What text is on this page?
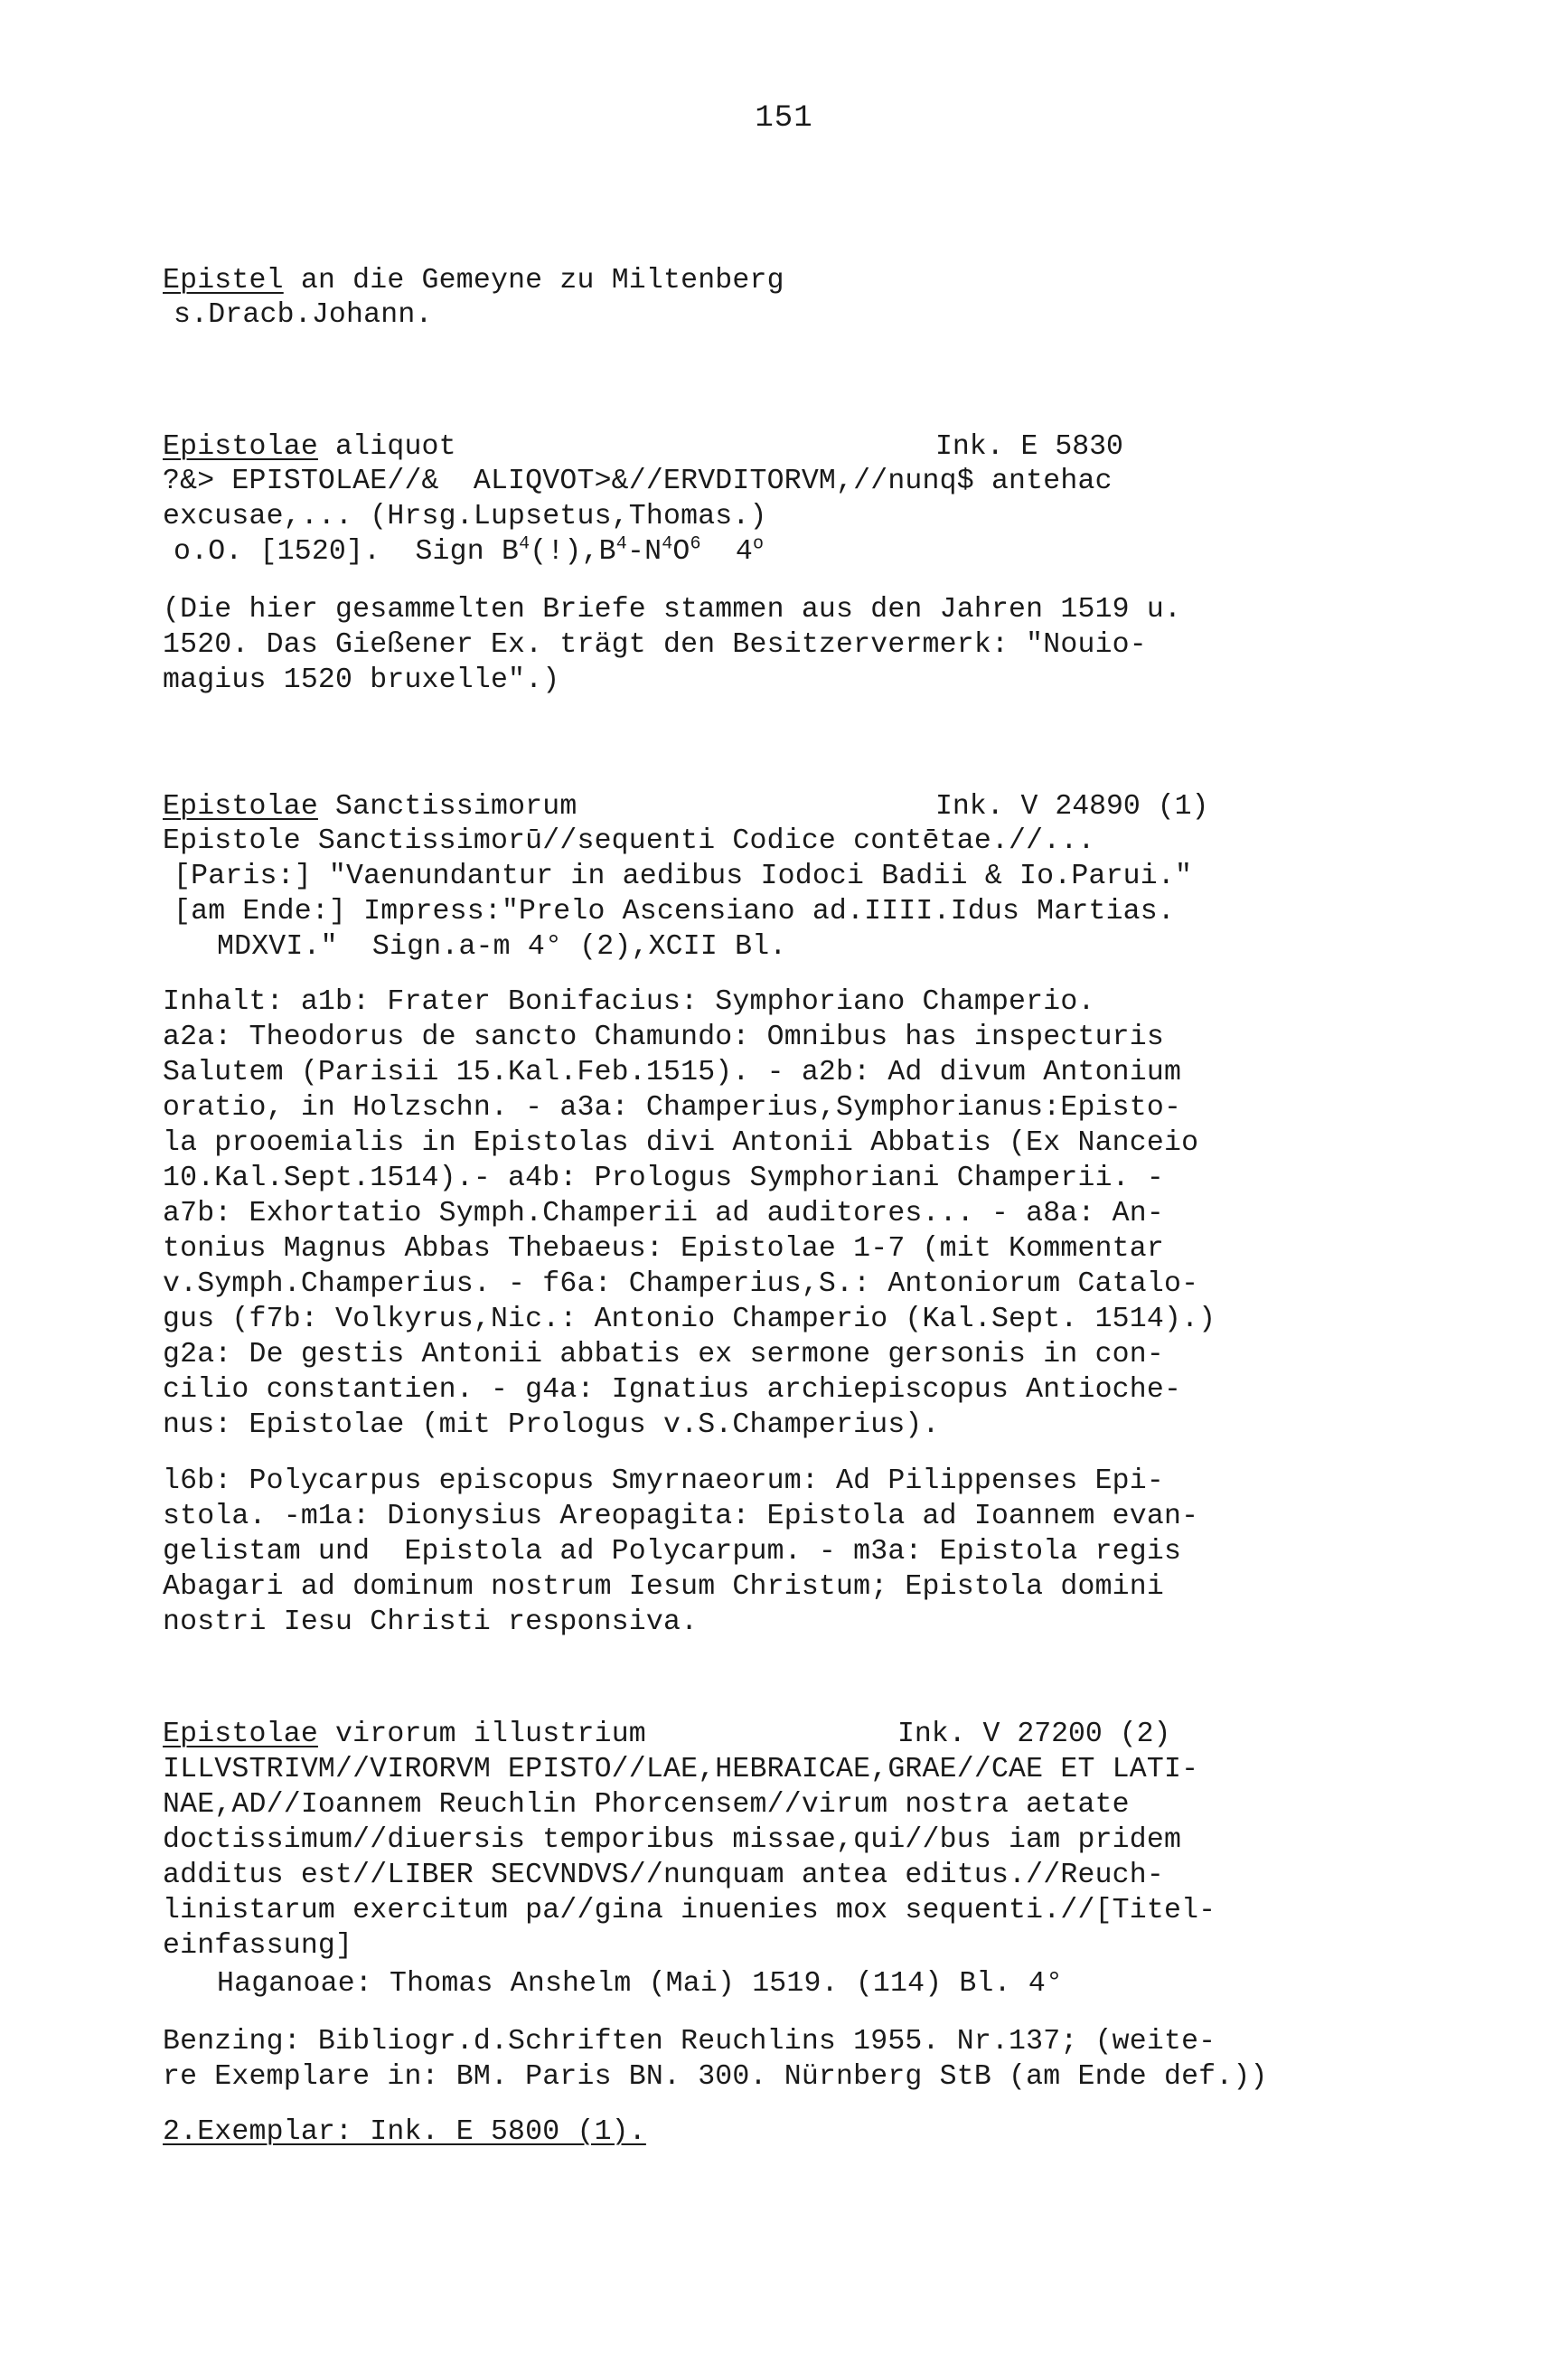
151
Epistel an die Gemeyne zu Miltenberg
s.Dracb.Johann.
Epistolae aliquot	Ink. E 5830
?&> EPISTOLAE//&  ALIQVOT>&//ERVDITORVM,//nunq$ antehac
excusae,... (Hrsg.Lupsetus,Thomas.)
o.O. [1520].  Sign $B^4(!),B^4-N^4O^6$  4$^o$
(Die hier gesammelten Briefe stammen aus den Jahren 1519 u.
1520. Das Gießener Ex. trägt den Besitzervermerk: "Nouio-
magius 1520 bruxelle".)
Epistolae Sanctissimorum	Ink. V 24890 (1)
Epistole Sanctissimorū//sequenti Codice contētae.//...
[Paris:] "Vaenundantur in aedibus Iodoci Badii & Io.Parui."
[am Ende:] Impress:"Prelo Ascensiano ad.IIII.Idus Martias.
MDXVI."  Sign.a-m 4° (2),XCII Bl.
Inhalt: a1b: Frater Bonifacius: Symphoriano Champerio.
a2a: Theodorus de sancto Chamundo: Omnibus has inspecturis
Salutem (Parisii 15.Kal.Feb.1515). - a2b: Ad divum Antonium
oratio, in Holzschn. - a3a: Champerius,Symphorianus:Episto-
la prooemialis in Epistolas divi Antonii Abbatis (Ex Nanceio
10.Kal.Sept.1514).- a4b: Prologus Symphoriani Champerii. -
a7b: Exhortatio Symph.Champerii ad auditores... - a8a: An-
tonius Magnus Abbas Thebaeus: Epistolae 1-7 (mit Kommentar
v.Symph.Champerius. - f6a: Champerius,S.: Antoniorum Catalo-
gus (f7b: Volkyrus,Nic.: Antonio Champerio (Kal.Sept. 1514).)
g2a: De gestis Antonii abbatis ex sermone gersonis in con-
cilio constantien. - g4a: Ignatius archiepiscopus Antioche-
nus: Epistolae (mit Prologus v.S.Champerius).
l6b: Polycarpus episcopus Smyrnaeorum: Ad Pilippenses Epi-
stola. -m1a: Dionysius Areopagita: Epistola ad Ioannem evan-
gelistam und  Epistola ad Polycarpum. - m3a: Epistola regis
Abagari ad dominum nostrum Iesum Christum; Epistola domini
nostri Iesu Christi responsiva.
Epistolae virorum illustrium	Ink. V 27200 (2)
ILLVSTRIVM//VIRORVM EPISTO//LAE,HEBRAICAE,GRAE//CAE ET LATI-
NAE,AD//Ioannem Reuchlin Phorcensem//virum nostra aetate
doctissimum//diuersis temporibus missae,qui//bus iam pridem
additus est//LIBER SECVNDVS//nunquam antea editus.//Reuch-
linistarum exercitum pa//gina inuenies mox sequenti.//[Titel-
einfassung]
Haganoae: Thomas Anshelm (Mai) 1519. (114) Bl. 4°
Benzing: Bibliogr.d.Schriften Reuchlins 1955. Nr.137; (weite-
re Exemplare in: BM. Paris BN. 300. Nürnberg StB (am Ende def.))
2.Exemplar: Ink. E 5800 (1).
